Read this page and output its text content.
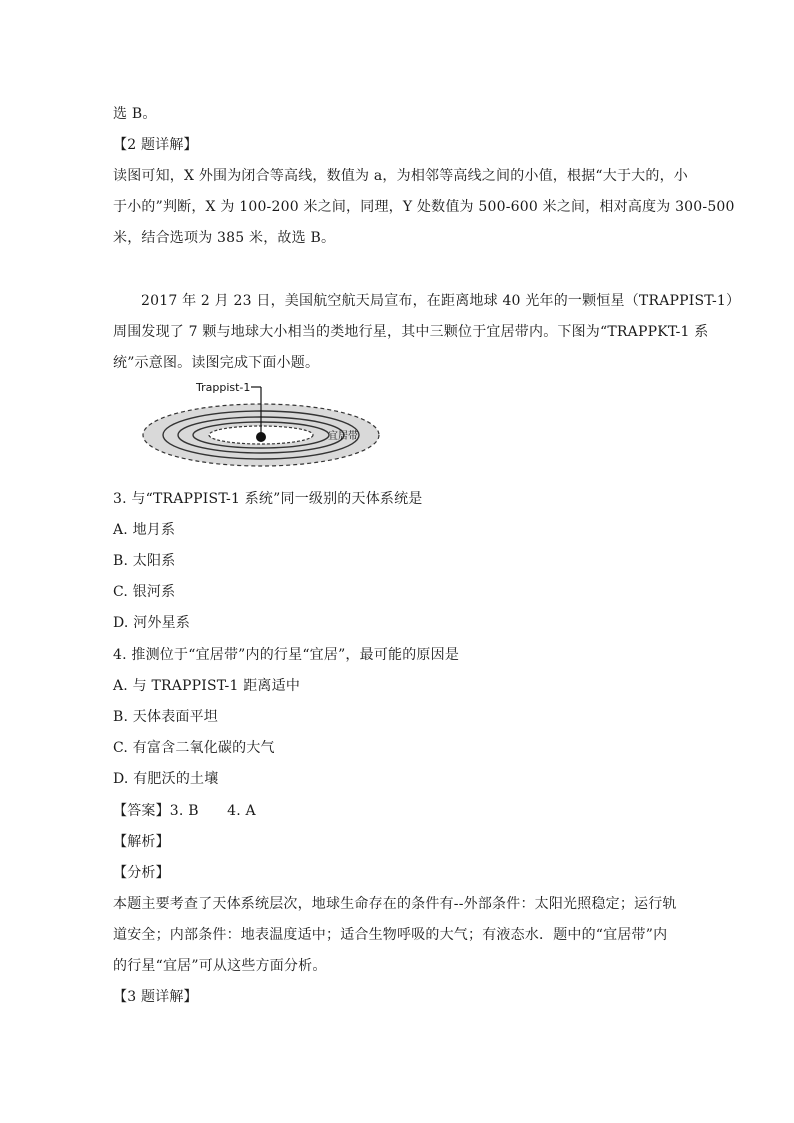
选 B。
【2 题详解】
读图可知，X 外围为闭合等高线，数值为 a，为相邻等高线之间的小值，根据“大于大的，小
于小的”判断，X 为 100-200 米之间，同理，Y 处数值为 500-600 米之间，相对高度为 300-500
米，结合选项为 385 米，故选 B。
2017 年 2 月 23 日，美国航空航天局宣布，在距离地球 40 光年的一颗恒星（TRAPPIST-1）
周围发现了 7 颗与地球大小相当的类地行星，其中三颗位于宜居带内。下图为“TRAPPKT-1 系
统”示意图。读图完成下面小题。
Trappist-1
宜居带
3. 与“TRAPPIST-1 系统”同一级别的天体系统是
A. 地月系
B. 太阳系
C. 银河系
D. 河外星系
4. 推测位于“宜居带”内的行星“宜居”，最可能的原因是
A. 与 TRAPPIST-1 距离适中
B. 天体表面平坦
C. 有富含二氧化碳的大气
D. 有肥沃的土壤
【答案】3. B　　4. A
【解析】
【分析】
本题主要考查了天体系统层次，地球生命存在的条件有--外部条件：太阳光照稳定；运行轨
道安全；内部条件：地表温度适中；适合生物呼吸的大气；有液态水．题中的“宜居带”内
的行星“宜居”可从这些方面分析。
【3 题详解】
